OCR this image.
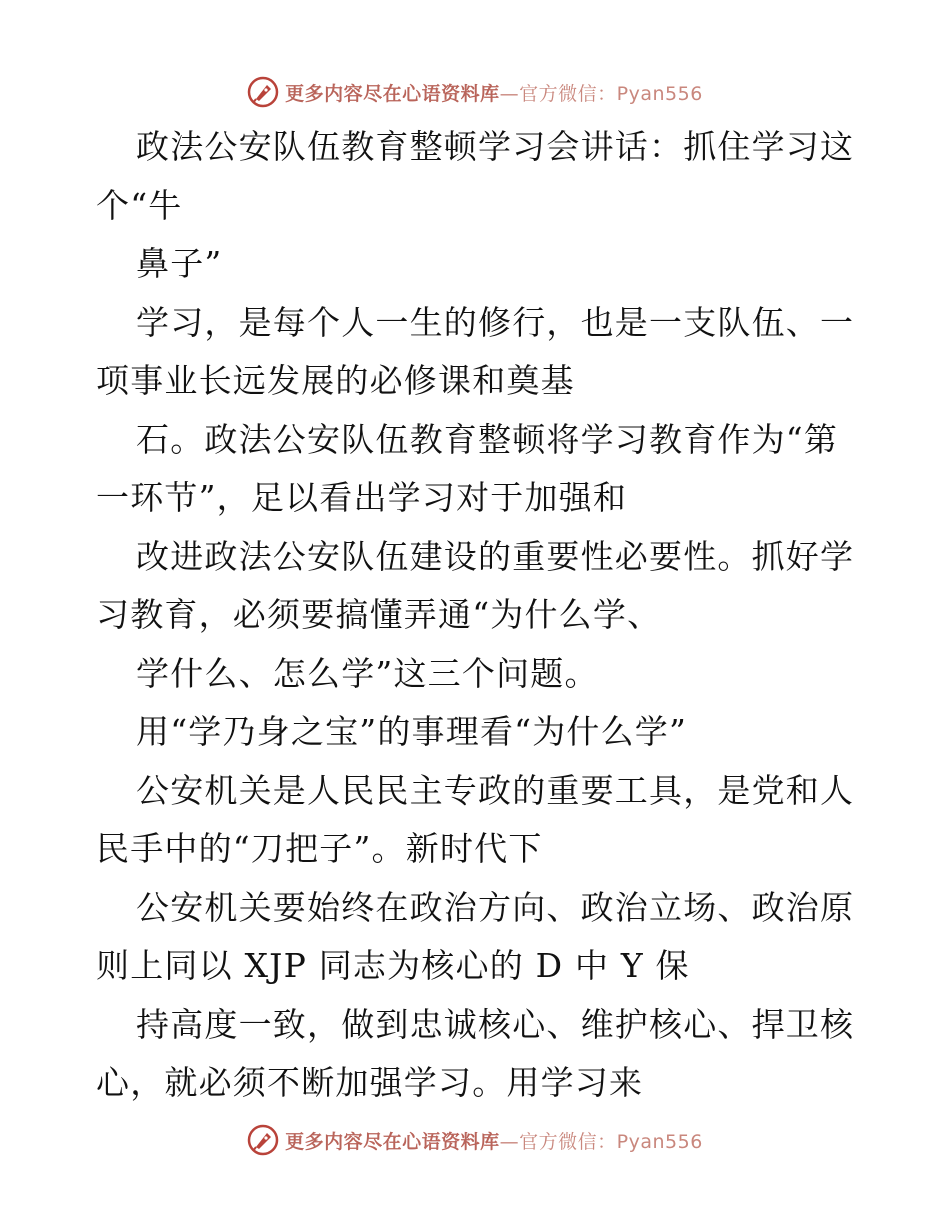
更多内容尽在心语资料库—官方微信：Pyan556
政法公安队伍教育整顿学习会讲话：抓住学习这
个“牛
鼻子”
学习，是每个人一生的修行，也是一支队伍、一
项事业长远发展的必修课和奠基
石。政法公安队伍教育整顿将学习教育作为“第
一环节”，足以看出学习对于加强和
改进政法公安队伍建设的重要性必要性。抓好学
习教育，必须要搞懂弄通“为什么学、
学什么、怎么学”这三个问题。
用“学乃身之宝”的事理看“为什么学”
公安机关是人民民主专政的重要工具，是党和人
民手中的“刀把子”。新时代下
公安机关要始终在政治方向、政治立场、政治原
则上同以 XJP 同志为核心的 D 中 Y 保
持高度一致，做到忠诚核心、维护核心、捍卫核
心，就必须不断加强学习。用学习来
更多内容尽在心语资料库—官方微信：Pyan556
